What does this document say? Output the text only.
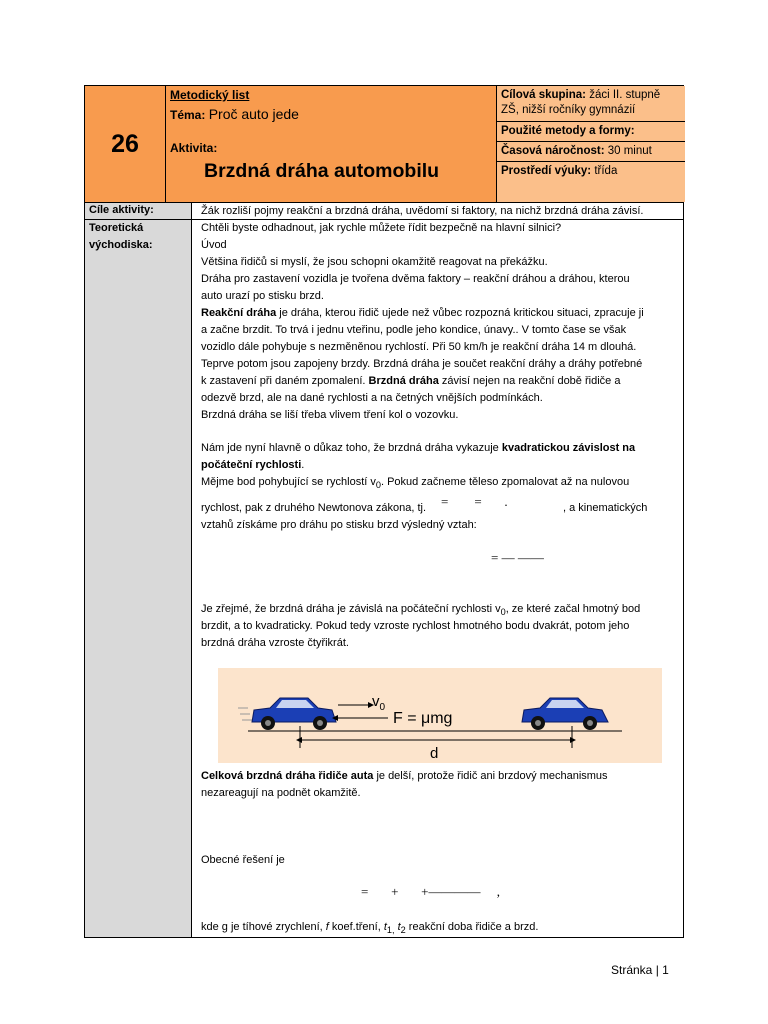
26
Metodický list
Téma: Proč auto jede
Aktivita:
Brzdná dráha automobilu
Cílová skupina: žáci II. stupně
ZŠ, nižší ročníky gymnázií
Použité metody a formy:
Časová náročnost: 30 minut
Prostředí výuky: třída
Cíle aktivity:	Žák rozliší pojmy reakční a brzdná dráha, uvědomí si faktory, na nichž brzdná dráha závisí.
Teoretická
východiska:
Chtěli byste odhadnout, jak rychle můžete řídit bezpečně na hlavní silnici?
Úvod
Většina řidičů si myslí, že jsou schopni okamžitě reagovat na překážku.
Dráha pro zastavení vozidla je tvořena dvěma faktory – reakční dráhou a dráhou, kterou
auto urazí po stisku brzd.
Reakční dráha je dráha, kterou řidič ujede než vůbec rozpozná kritickou situaci, zpracuje ji
a začne brzdit. To trvá i jednu vteřinu, podle jeho kondice, únavy.. V tomto čase se však
vozidlo dále pohybuje s nezměněnou rychlostí. Při 50 km/h je reakční dráha 14 m dlouhá.
Teprve potom jsou zapojeny brzdy. Brzdná dráha je součet reakční dráhy a dráhy potřebné
k zastavení při daném zpomalení. Brzdná dráha závisí nejen na reakční době řidiče a
odezvě brzd, ale na dané rychlosti a na četných vnějších podmínkách.
Brzdná dráha se liší třeba vlivem tření kol o vozovku.
Nám jde nyní hlavně o důkaz toho, že brzdná dráha vykazuje kvadratickou závislost na
počáteční rychlosti.
Mějme bod pohybující se rychlostí $v_0$. Pokud začneme těleso zpomalovat až na nulovou
rychlost, pak z druhého Newtonova zákona, tj. =        =       .	, a kinematických
vztahů získáme pro dráhu po stisku brzd výsledný vztah:
= — ——
Je zřejmé, že brzdná dráha je závislá na počáteční rychlosti $v_0$, ze které začal hmotný bod
brzdit, a to kvadraticky. Pokud tedy vzroste rychlost hmotného bodu dvakrát, potom jeho
brzdná dráha vzroste čtyřikrát.
$v_0$
F = μmg
d
Celková brzdná dráha řidiče auta je delší, protože řidič ani brzdový mechanismus
nezareagují na podnět okamžitě.
Obecné řešení je
=       +       +————     ,
kde g je tíhové zrychlení, f koef.tření, $t_{1,}$ $t_2$ reakční doba řidiče a brzd.
Stránka | 1
